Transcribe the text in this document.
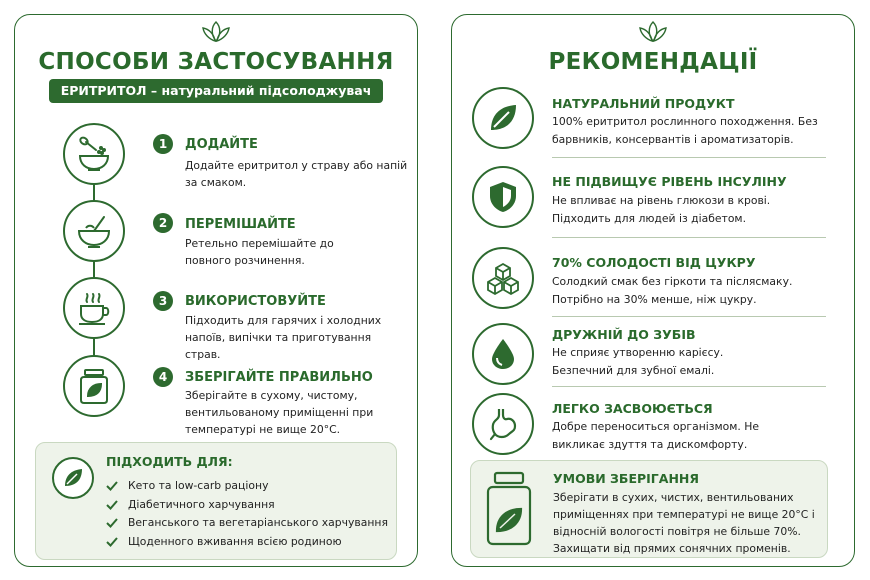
СПОСОБИ ЗАСТОСУВАННЯ
ЕРИТРИТОЛ – натуральний підсолоджувач
1	ДОДАЙТЕ
Додайте еритритол у страву або напій за смаком.
2	ПЕРЕМІШАЙТЕ
Ретельно перемішайте до повного розчинення.
3	ВИКОРИСТОВУЙТЕ
Підходить для гарячих і холодних напоїв, випічки та приготування страв.
4	ЗБЕРІГАЙТЕ ПРАВИЛЬНО
Зберігайте в сухому, чистому, вентильованому приміщенні при температурі не вище 20°C.
ПІДХОДИТЬ ДЛЯ:
Кето та low-carb раціону
Діабетичного харчування
Веганського та вегетаріанського харчування
Щоденного вживання всією родиною
РЕКОМЕНДАЦІЇ
НАТУРАЛЬНИЙ ПРОДУКТ
100% еритритол рослинного походження. Без барвників, консервантів і ароматизаторів.
НЕ ПІДВИЩУЄ РІВЕНЬ ІНСУЛІНУ
Не впливає на рівень глюкози в крові. Підходить для людей із діабетом.
70% СОЛОДОСТІ ВІД ЦУКРУ
Солодкий смак без гіркоти та післясмаку. Потрібно на 30% менше, ніж цукру.
ДРУЖНІЙ ДО ЗУБІВ
Не сприяє утворенню карієсу. Безпечний для зубної емалі.
ЛЕГКО ЗАСВОЮЄТЬСЯ
Добре переноситься організмом. Не викликає здуття та дискомфорту.
УМОВИ ЗБЕРІГАННЯ
Зберігати в сухих, чистих, вентильованих приміщеннях при температурі не вище 20°C і відносній вологості повітря не більше 70%. Захищати від прямих сонячних променів.
